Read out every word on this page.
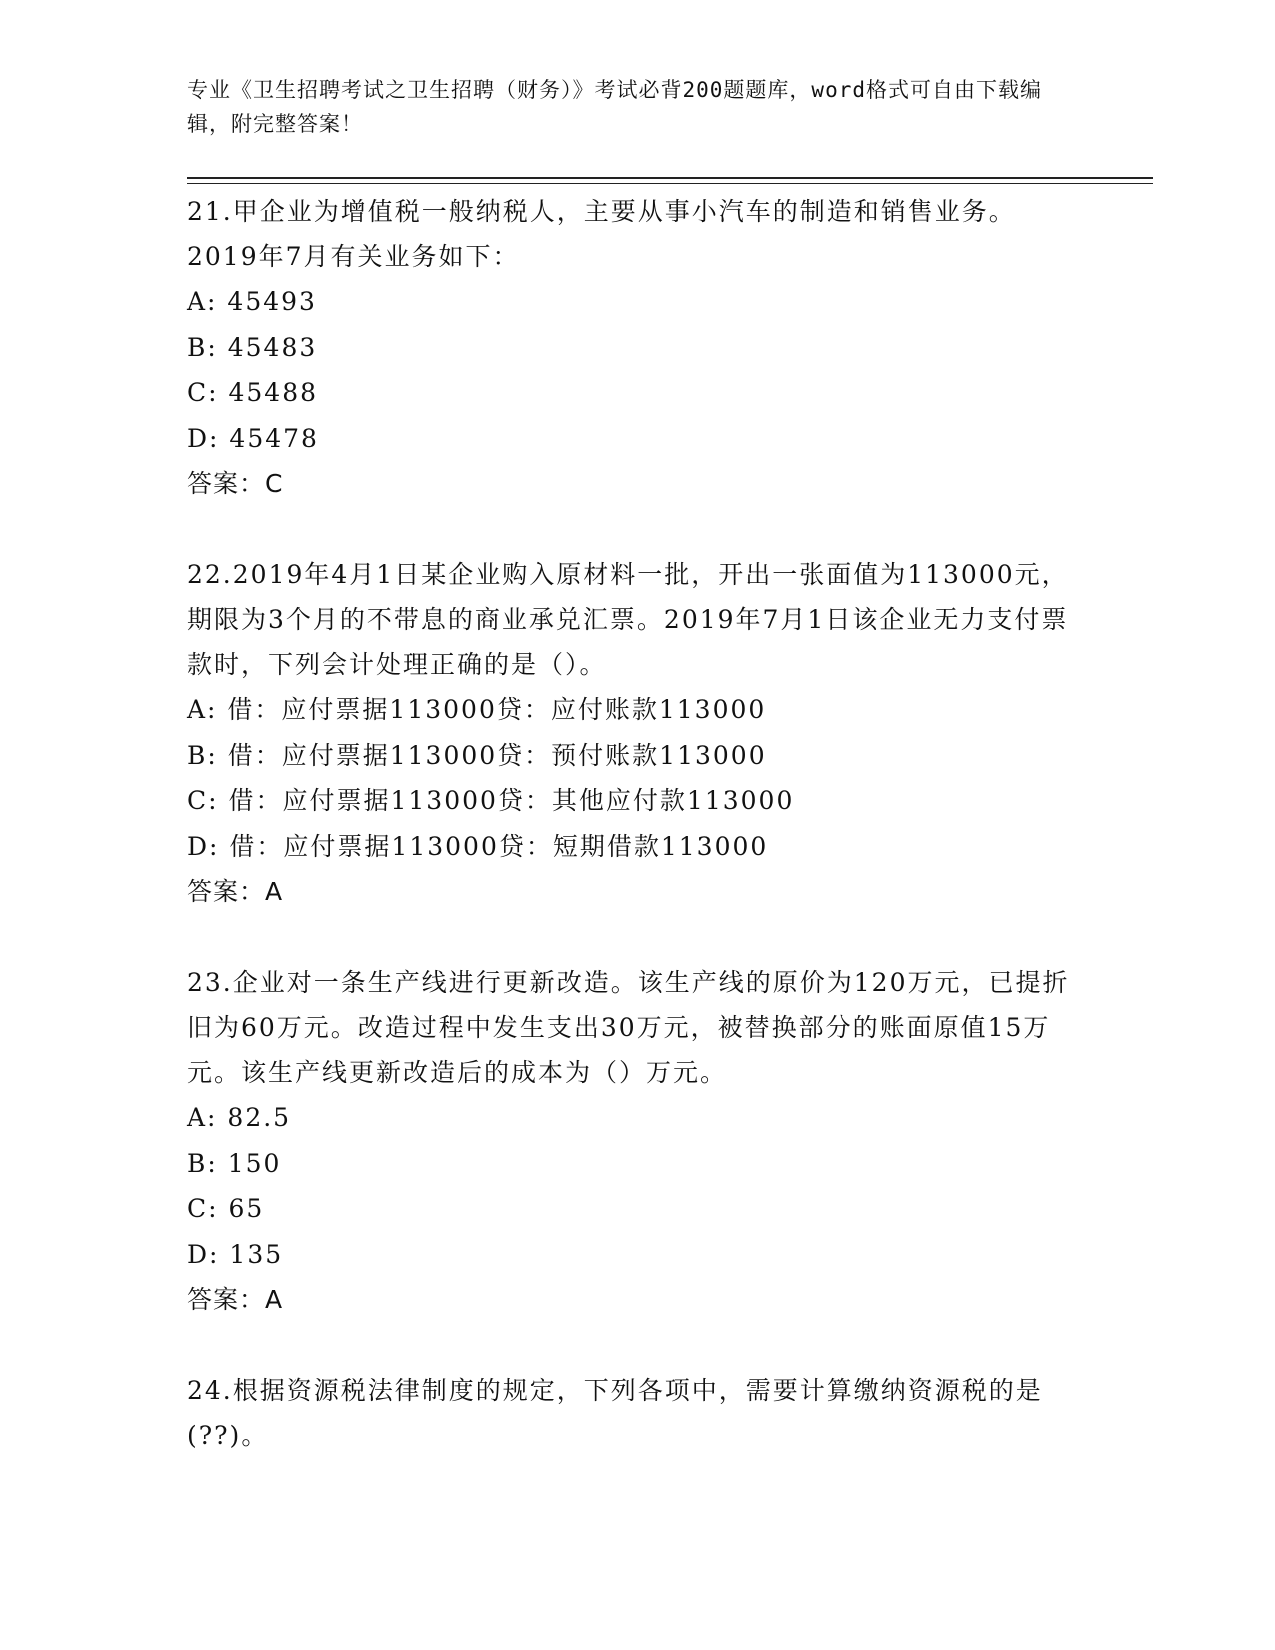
专业《卫生招聘考试之卫生招聘（财务）》考试必背200题题库，word格式可自由下载编辑，附完整答案！
21.甲企业为增值税一般纳税人，主要从事小汽车的制造和销售业务。2019年7月有关业务如下：
A: 45493
B: 45483
C: 45488
D: 45478
答案：C
22.2019年4月1日某企业购入原材料一批，开出一张面值为113000元，期限为3个月的不带息的商业承兑汇票。2019年7月1日该企业无力支付票款时，下列会计处理正确的是（）。
A: 借：应付票据113000贷：应付账款113000
B: 借：应付票据113000贷：预付账款113000
C: 借：应付票据113000贷：其他应付款113000
D: 借：应付票据113000贷：短期借款113000
答案：A
23.企业对一条生产线进行更新改造。该生产线的原价为120万元，已提折旧为60万元。改造过程中发生支出30万元，被替换部分的账面原值15万元。该生产线更新改造后的成本为（）万元。
A: 82.5
B: 150
C: 65
D: 135
答案：A
24.根据资源税法律制度的规定，下列各项中，需要计算缴纳资源税的是(??)。
